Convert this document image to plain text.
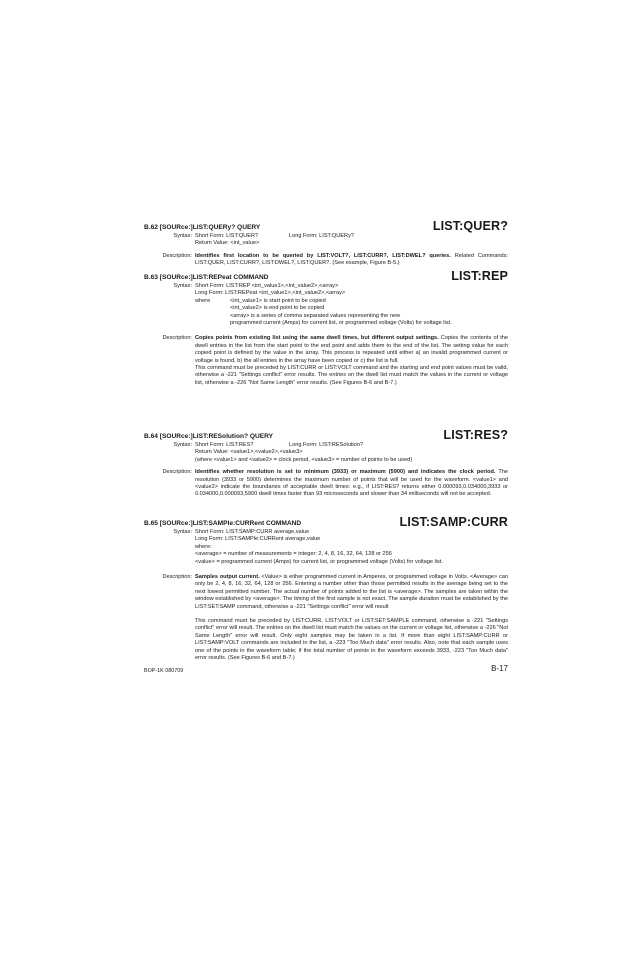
B.62 [SOURce:]LIST:QUERy? QUERY	LIST:QUER?
Syntax: Short Form: LIST:QUER?	Long Form: LIST:QUERy?

Return Value: <int_value>

Description: Identifies first location to be queried by LIST:VOLT?, LIST:CURR?, LIST:DWEL? queries. Related Commands: LIST:QUER, LIST:CURR?, LIST:DWEL?, LIST:QUER?. (See example, Figure B-5.)

B.63 [SOURce:]LIST:REPeat COMMAND	LIST:REP
Syntax: Short Form: LIST:REP <int_value1>,<int_value2>,<array>

Long Form: LIST:REPeat <int_value1>,<int_value2>,<array>

where	<int_value1> is start point to be copied
<int_value2> is end point to be copied
<array> is a series of comma separated values representing the new
programmed current (Amps) for current list, or programmed voltage (Volts) for voltage list.
Description: Copies points from existing list using the same dwell times, but different output settings. Copies the contents of the dwell entries in the list from the start point to the end point and adds them to the end of the list. The setting value for each copied point is defined by the value in the array. This process is repeated until either a) an invalid programmed current or voltage is found, b) the all entries in the array have been copied or c) the list is full.

This command must be preceded by LIST:CURR or LIST:VOLT command and the starting and end point values must be valid, otherwise a -221 "Settings conflict" error results. The entries on the dwell list must match the values in the current or voltage list, otherwise a -226 "Not Same Length" error results. (See Figures B-6 and B-7.)

B.64 [SOURce:]LIST:RESolution? QUERY	LIST:RES?
Syntax: Short Form: LIST:RES?	Long Form: LIST:RESolution?

Return Value: <value1>,<value2>,<value3>

(where <value1> and <value2> = clock period, <value3> = number of points to be used)

Description: Identifies whether resolution is set to minimum (3933) or maximum (5900) and indicates the clock period. The resolution (3933 or 5900) determines the maximum number of points that will be used for the waveform. <value1> and <value2> indicate the boundaries of acceptable dwell times: e.g., if LIST:RES? returns either 0.000093,0.034000,3933 or 0.034000,0.000093,5900 dwell times faster than 93 microseconds and slower than 34 milliseconds will not be accepted.

B.65 [SOURce:]LIST:SAMPle:CURRent COMMAND	LIST:SAMP:CURR
Syntax: Short Form: LIST:SAMP:CURR average,value

Long Form: LIST:SAMPle:CURRent average,value

where:

<average> = number of measurements = integer: 2, 4, 8, 16, 32, 64, 128 or 256

<value> = programmed current (Amps) for current list, or programmed voltage (Volts) for voltage list.

Description: Samples output current. <Value> is either programmed current in Amperes, or programmed voltage in Volts. <Average> can only be 2, 4, 8, 16, 32, 64, 128 or 256. Entering a number other than those permitted results in the average being set to the next lowest permitted number. The actual number of points added to the list is <average>. The samples are taken within the window established by <average>. The timing of the first sample is not exact. The sample duration must be established by the LIST:SET:SAMP command, otherwise a -221 "Settings conflict" error will result

This command must be preceded by LIST:CURR, LIST:VOLT or LIST:SET:SAMPLE command, otherwise a -221 "Settings conflict" error will result. The entries on the dwell list must match the values on the current or voltage list, otherwise a -226 "Not Same Length" error will result. Only eight samples may be taken in a list. If more than eight LIST:SAMP:CURR or LIST:SAMP:VOLT commands are included in the list, a -223 "Too Much data" error results. Also, note that each sample uses one of the points in the waveform table; if the total number of points in the waveform exceeds 3933, -223 "Too Much data" error results. (See Figures B-6 and B-7.)

BOP-1K 080709	B-17
